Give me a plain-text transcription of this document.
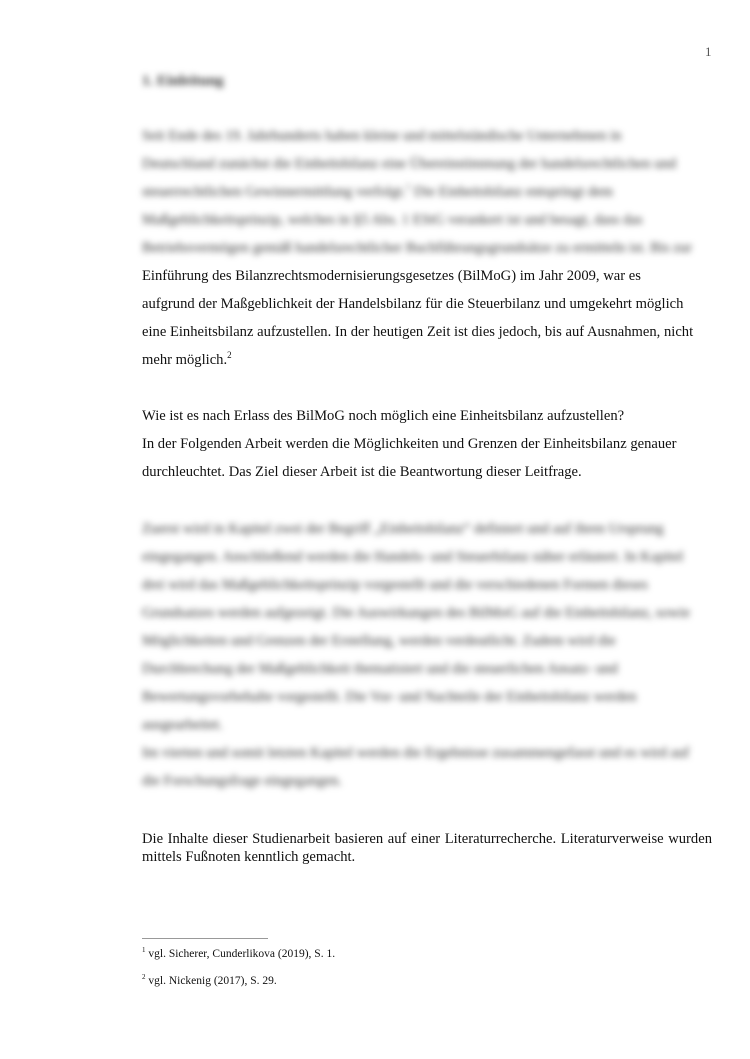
1
1. Einleitung
Seit Ende des 19. Jahrhunderts haben kleine und mittelständische Unternehmen in
Deutschland zunächst die Einheitsbilanz eine Übereinstimmung der handelsrechtlichen und
steuerrechtlichen Gewinnermittlung verfolgt.$^1$ Die Einheitsbilanz entspringt dem
Maßgeblichkeitsprinzip, welches in §5 Abs. 1 EStG verankert ist und besagt, dass das
Betriebsvermögen gemäß handelsrechtlicher Buchführungsgrundsätze zu ermitteln ist. Bis zur
Einführung des Bilanzrechtsmodernisierungsgesetzes (BilMoG) im Jahr 2009, war es
aufgrund der Maßgeblichkeit der Handelsbilanz für die Steuerbilanz und umgekehrt möglich
eine Einheitsbilanz aufzustellen. In der heutigen Zeit ist dies jedoch, bis auf Ausnahmen, nicht
mehr möglich.$^2$
Wie ist es nach Erlass des BilMoG noch möglich eine Einheitsbilanz aufzustellen?
In der Folgenden Arbeit werden die Möglichkeiten und Grenzen der Einheitsbilanz genauer
durchleuchtet. Das Ziel dieser Arbeit ist die Beantwortung dieser Leitfrage.
Zuerst wird in Kapitel zwei der Begriff „Einheitsbilanz“ definiert und auf ihren Ursprung
eingegangen. Anschließend werden die Handels- und Steuerbilanz näher erläutert. In Kapitel
drei wird das Maßgeblichkeitsprinzip vorgestellt und die verschiedenen Formen dieses
Grundsatzes werden aufgezeigt. Die Auswirkungen des BilMoG auf die Einheitsbilanz, sowie
Möglichkeiten und Grenzen der Erstellung, werden verdeutlicht. Zudem wird die
Durchbrechung der Maßgeblichkeit thematisiert und die steuerlichen Ansatz- und
Bewertungsvorbehalte vorgestellt. Die Vor- und Nachteile der Einheitsbilanz werden
ausgearbeitet.
Im vierten und somit letzten Kapitel werden die Ergebnisse zusammengefasst und es wird auf
die Forschungsfrage eingegangen.
Die Inhalte dieser Studienarbeit basieren auf einer Literaturrecherche. Literaturverweise wurden mittels Fußnoten kenntlich gemacht.
$^1$ vgl. Sicherer, Cunderlikova (2019), S. 1.
$^2$ vgl. Nickenig (2017), S. 29.
